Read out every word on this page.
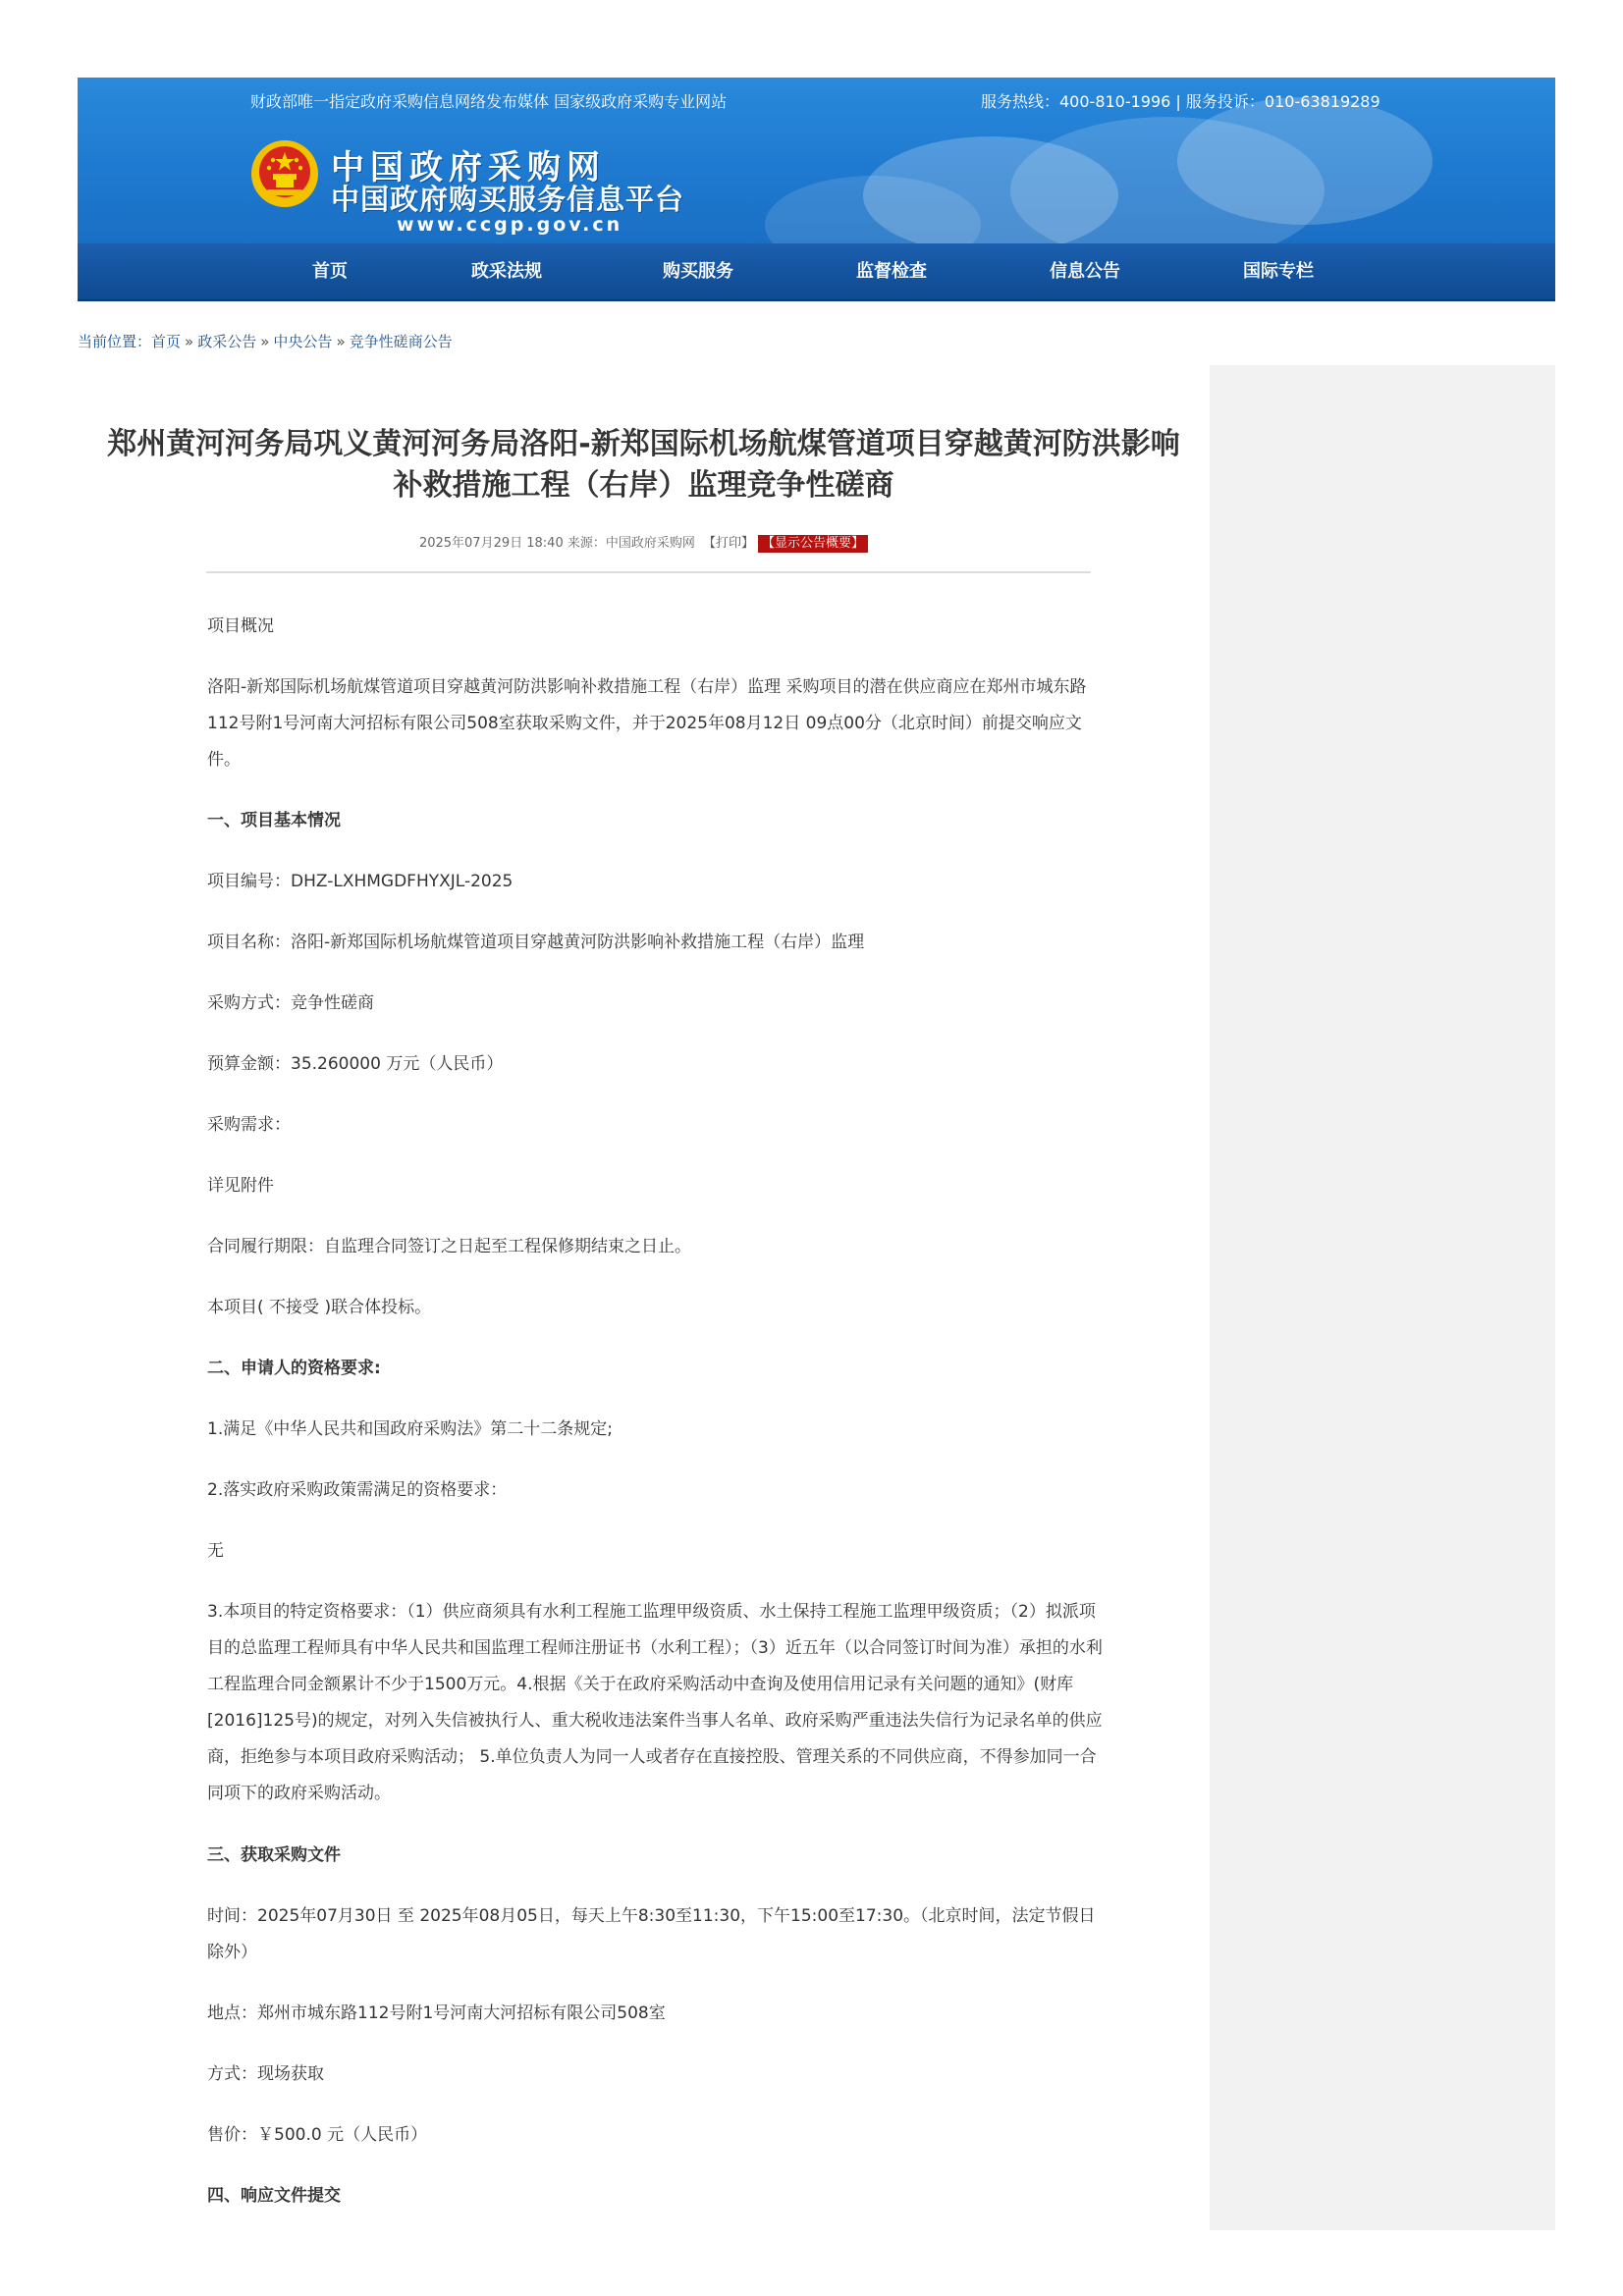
财政部唯一指定政府采购信息网络发布媒体 国家级政府采购专业网站	服务热线：400-810-1996 | 服务投诉：010-63819289
中国政府采购网
中国政府购买服务信息平台
www.ccgp.gov.cn
首页	政采法规	购买服务	监督检查	信息公告	国际专栏
当前位置：首页 » 政采公告 » 中央公告 » 竞争性磋商公告
郑州黄河河务局巩义黄河河务局洛阳-新郑国际机场航煤管道项目穿越黄河防洪影响
补救措施工程（右岸）监理竞争性磋商
2025年07月29日 18:40 来源：中国政府采购网 【打印】 【显示公告概要】
项目概况
洛阳-新郑国际机场航煤管道项目穿越黄河防洪影响补救措施工程（右岸）监理 采购项目的潜在供应商应在郑州市城东路112号附1号河南大河招标有限公司508室获取采购文件，并于2025年08月12日 09点00分（北京时间）前提交响应文件。
一、项目基本情况
项目编号：DHZ-LXHMGDFHYXJL-2025
项目名称：洛阳-新郑国际机场航煤管道项目穿越黄河防洪影响补救措施工程（右岸）监理
采购方式：竞争性磋商
预算金额：35.260000 万元（人民币）
采购需求：
详见附件
合同履行期限：自监理合同签订之日起至工程保修期结束之日止。
本项目( 不接受 )联合体投标。
二、申请人的资格要求:
1.满足《中华人民共和国政府采购法》第二十二条规定;
2.落实政府采购政策需满足的资格要求：
无
3.本项目的特定资格要求：（1）供应商须具有水利工程施工监理甲级资质、水土保持工程施工监理甲级资质；（2）拟派项目的总监理工程师具有中华人民共和国监理工程师注册证书（水利工程）；（3）近五年（以合同签订时间为准）承担的水利工程监理合同金额累计不少于1500万元。4.根据《关于在政府采购活动中查询及使用信用记录有关问题的通知》(财库[2016]125号)的规定，对列入失信被执行人、重大税收违法案件当事人名单、政府采购严重违法失信行为记录名单的供应商，拒绝参与本项目政府采购活动； 5.单位负责人为同一人或者存在直接控股、管理关系的不同供应商，不得参加同一合同项下的政府采购活动。
三、获取采购文件
时间：2025年07月30日 至 2025年08月05日，每天上午8:30至11:30，下午15:00至17:30。（北京时间，法定节假日除外）
地点：郑州市城东路112号附1号河南大河招标有限公司508室
方式：现场获取
售价：￥500.0 元（人民币）
四、响应文件提交
